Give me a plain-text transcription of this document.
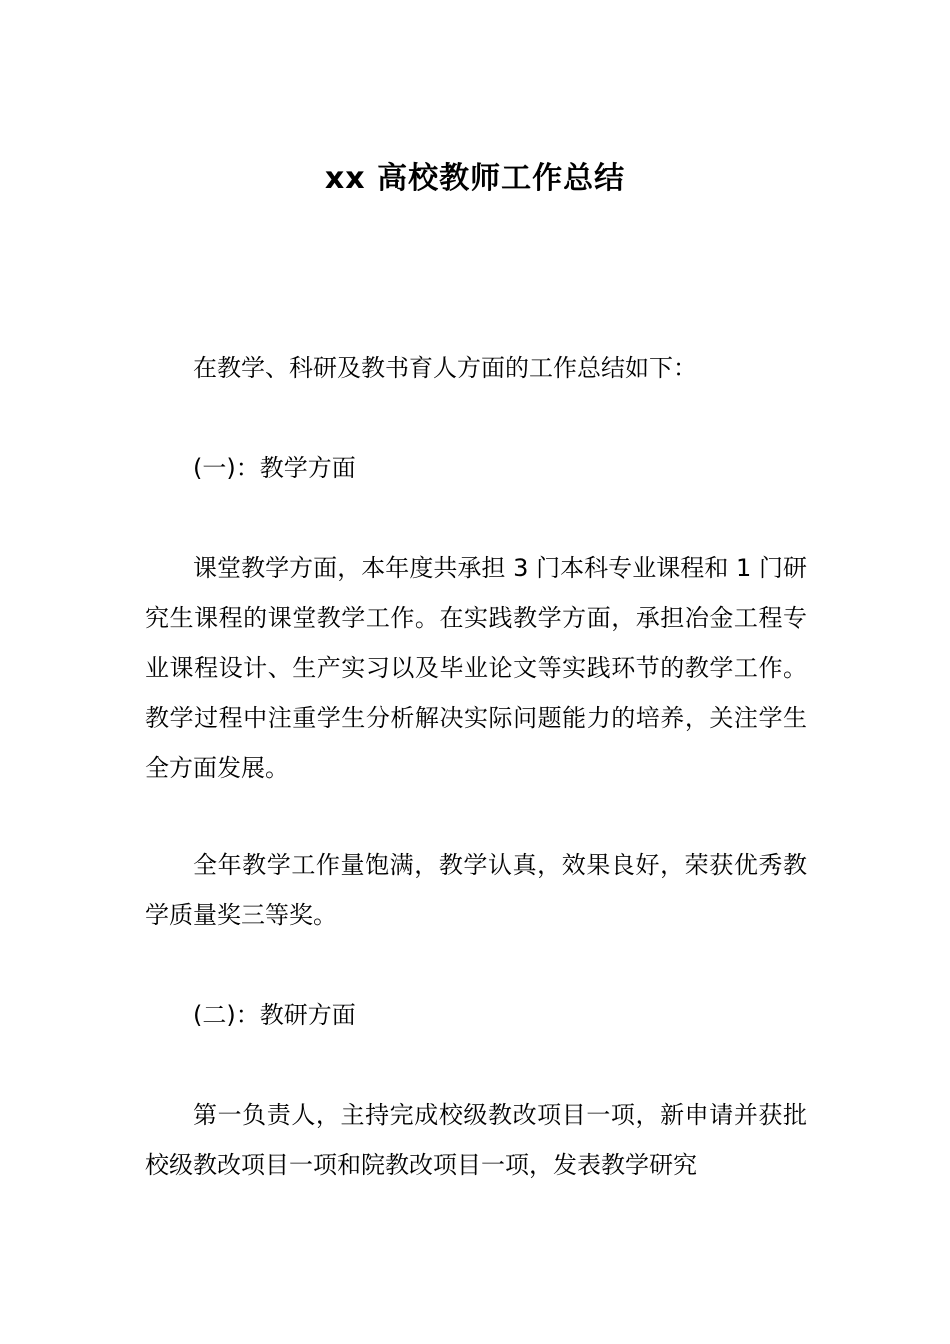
xx 高校教师工作总结

在教学、科研及教书育人方面的工作总结如下：

(一)：教学方面

课堂教学方面，本年度共承担 3 门本科专业课程和 1 门研究生课程的课堂教学工作。在实践教学方面，承担冶金工程专业课程设计、生产实习以及毕业论文等实践环节的教学工作。教学过程中注重学生分析解决实际问题能力的培养，关注学生全方面发展。

全年教学工作量饱满，教学认真，效果良好，荣获优秀教学质量奖三等奖。

(二)：教研方面

第一负责人，主持完成校级教改项目一项，新申请并获批校级教改项目一项和院教改项目一项，发表教学研究
